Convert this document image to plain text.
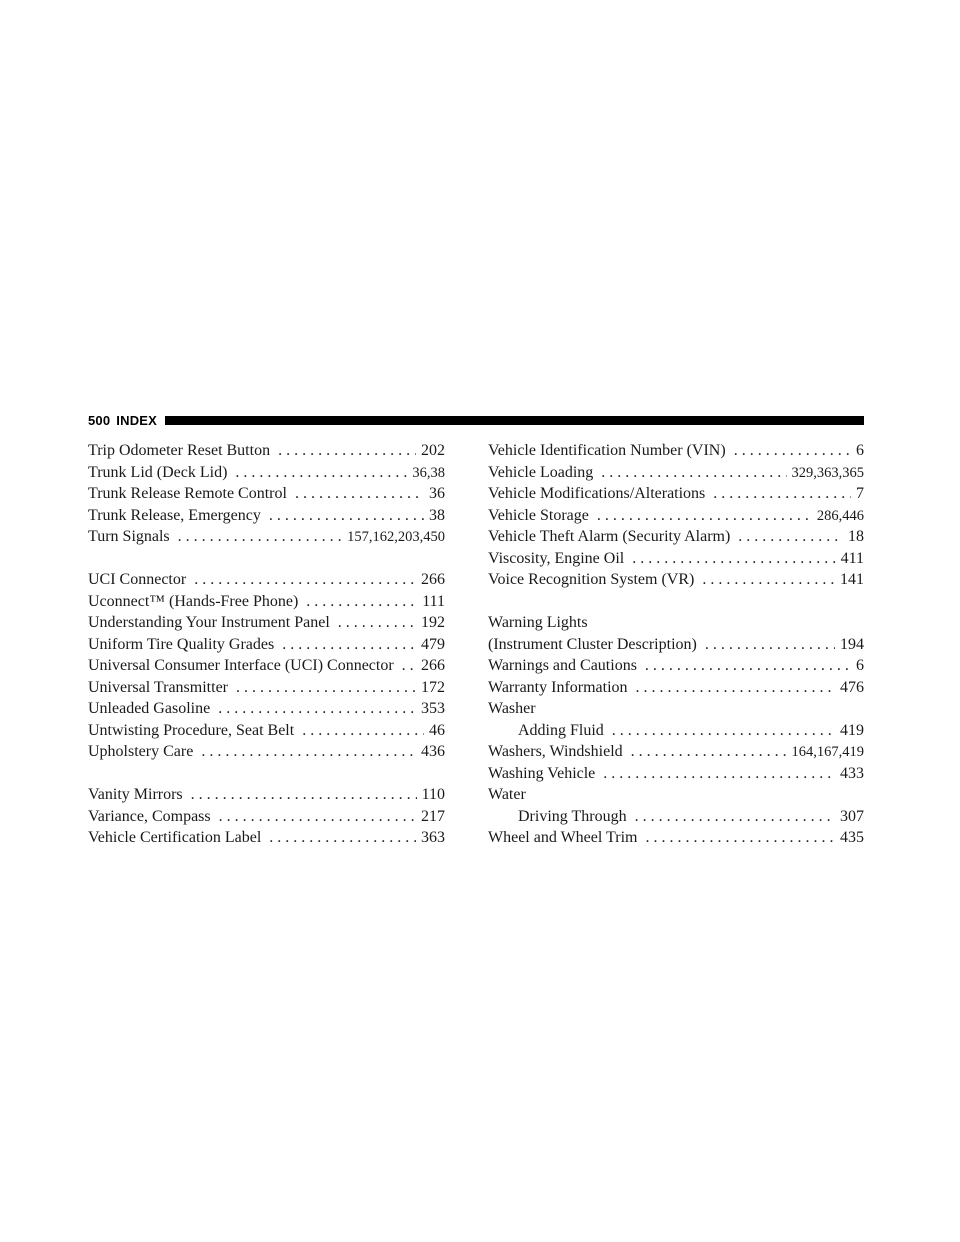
500 INDEX
Trip Odometer Reset Button . . .	202
Trunk Lid (Deck Lid) . . .	36,38
Trunk Release Remote Control . . .	36
Trunk Release, Emergency . . .	38
Turn Signals . . .	157,162,203,450
UCI Connector . . .	266
Uconnect™ (Hands-Free Phone) . . .	111
Understanding Your Instrument Panel . . .	192
Uniform Tire Quality Grades . . .	479
Universal Consumer Interface (UCI) Connector . . . 266
Universal Transmitter . . .	172
Unleaded Gasoline . . .	353
Untwisting Procedure, Seat Belt . . .	46
Upholstery Care . . .	436
Vanity Mirrors . . .	110
Variance, Compass . . .	217
Vehicle Certification Label . . .	363
Vehicle Identification Number (VIN) . . .	6
Vehicle Loading . . .	329,363,365
Vehicle Modifications/Alterations . . .	7
Vehicle Storage . . .	286,446
Vehicle Theft Alarm (Security Alarm) . . .	18
Viscosity, Engine Oil . . .	411
Voice Recognition System (VR) . . .	141
Warning Lights
(Instrument Cluster Description) . . .	194
Warnings and Cautions . . .	6
Warranty Information . . .	476
Washer
Adding Fluid . . .	419
Washers, Windshield . . .	164,167,419
Washing Vehicle . . .	433
Water
Driving Through . . .	307
Wheel and Wheel Trim . . .	435
